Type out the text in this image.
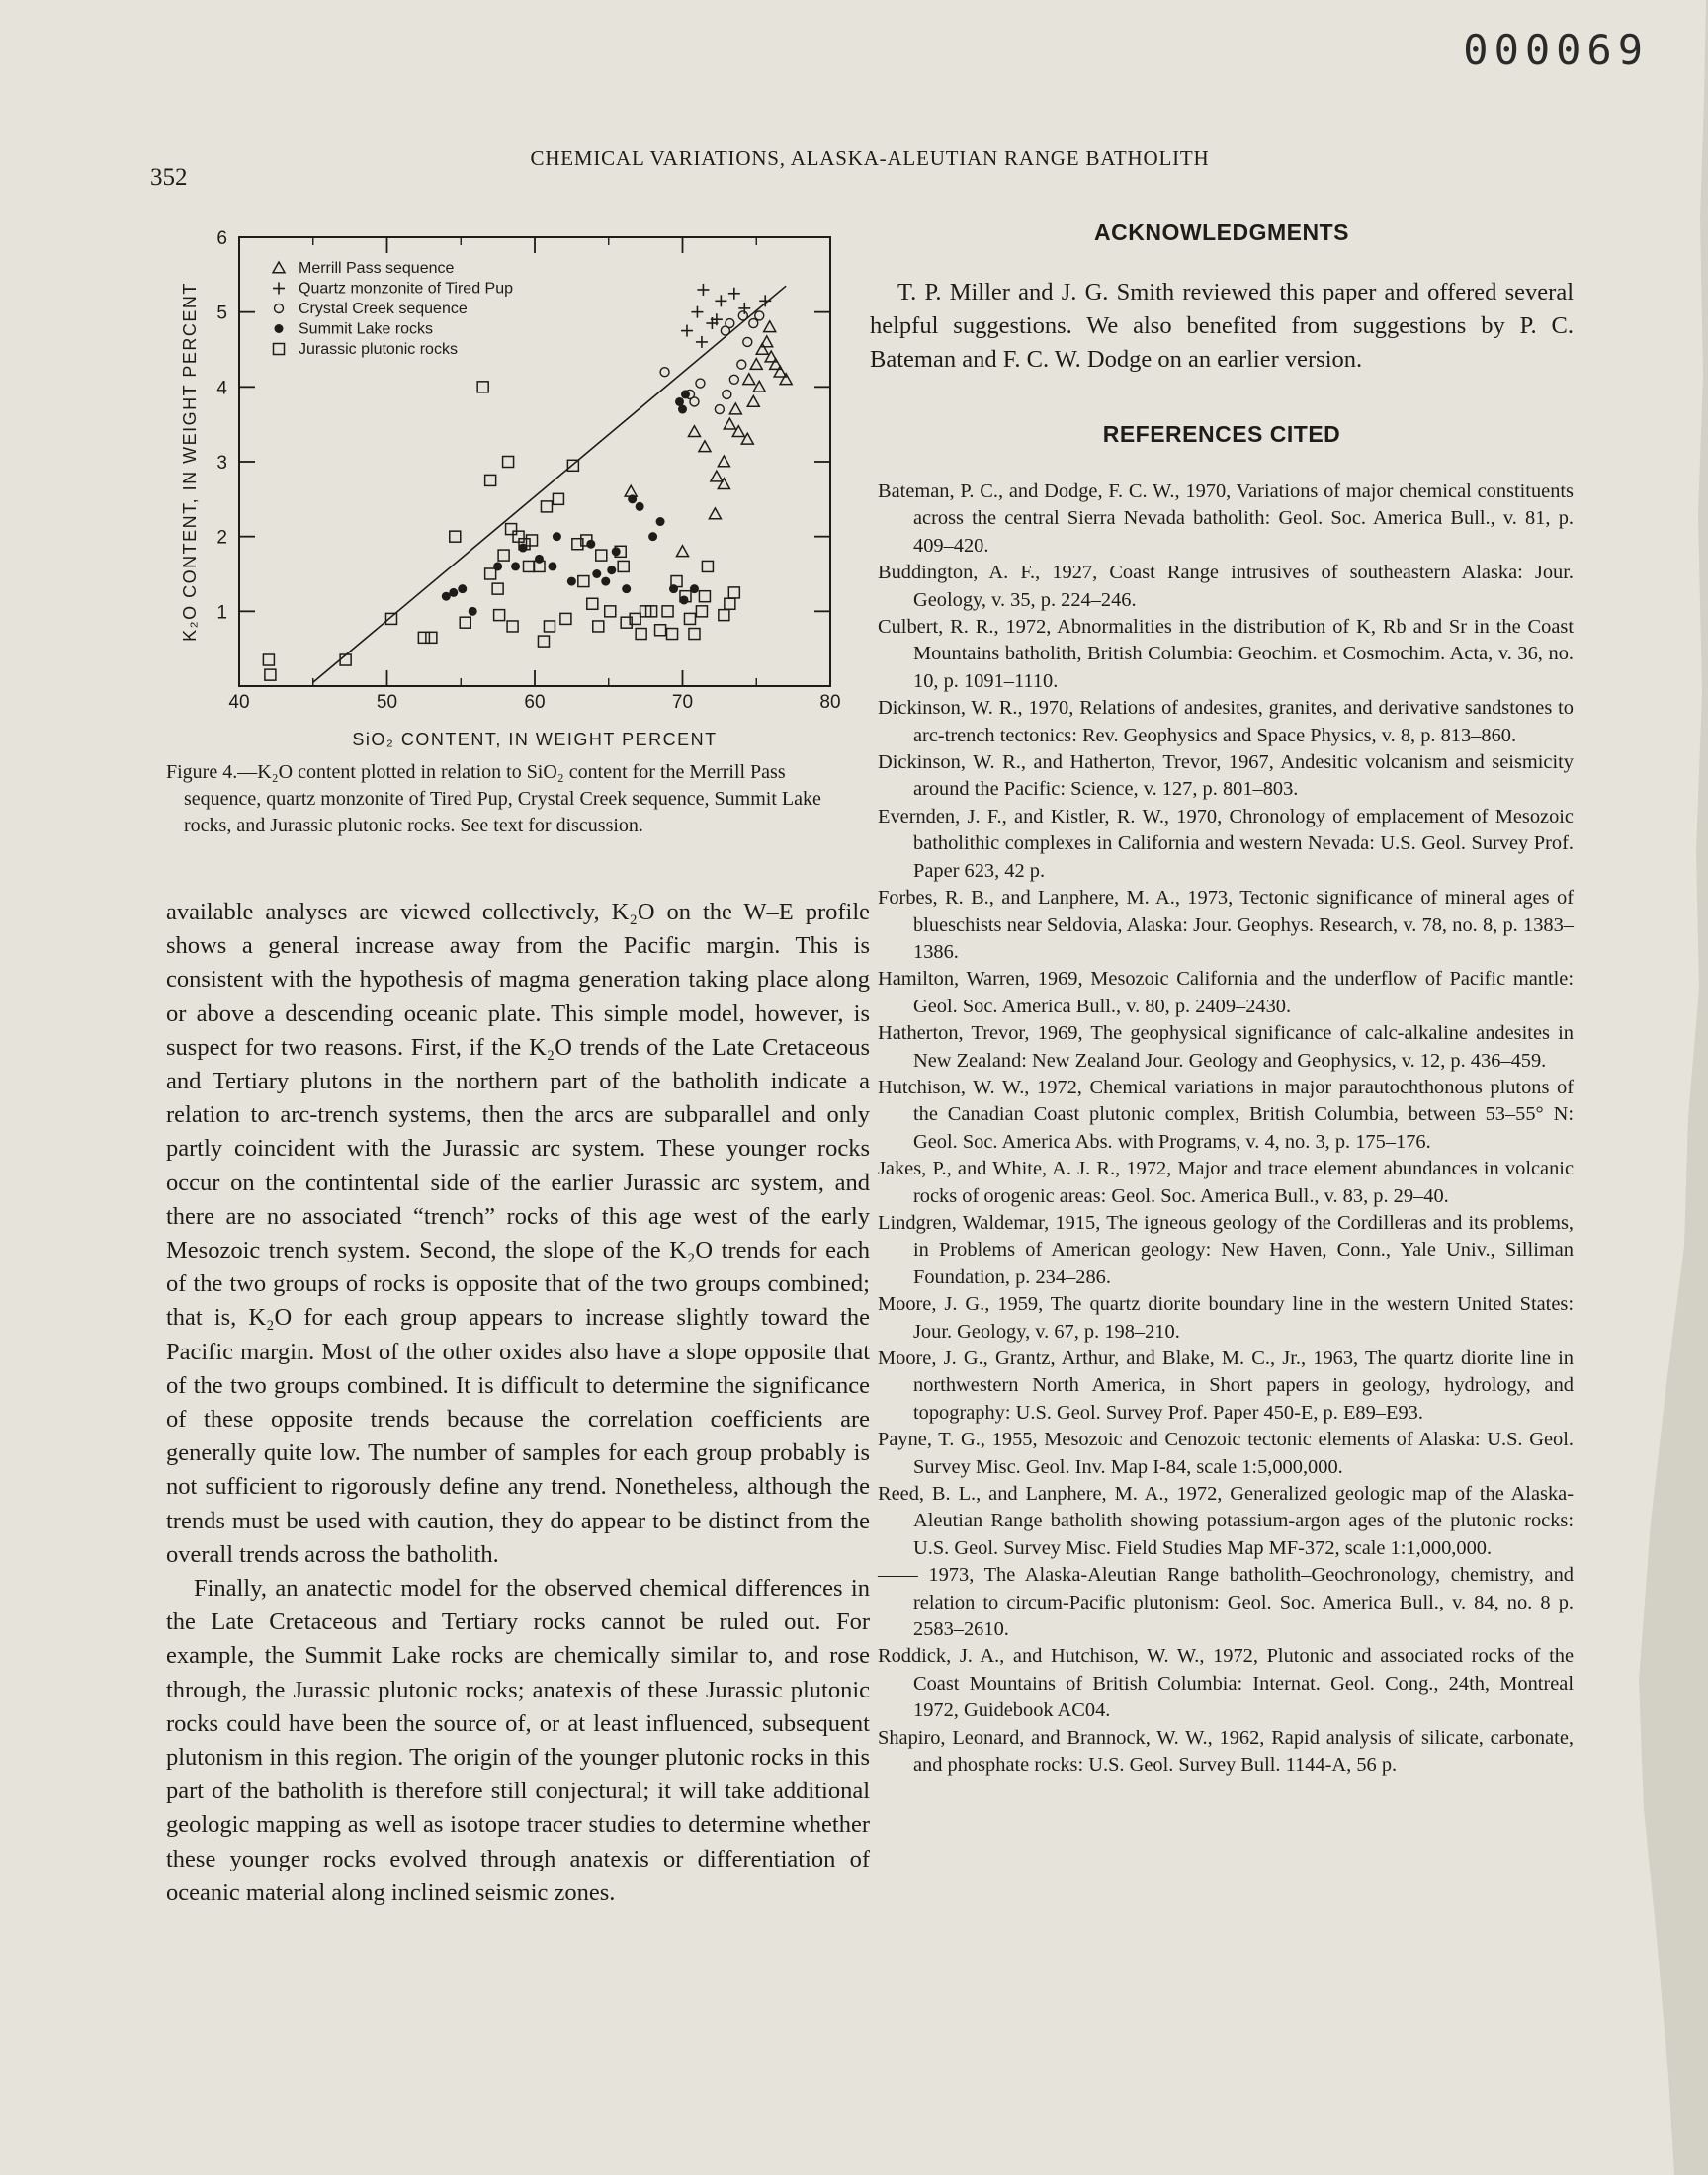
000069
352
CHEMICAL VARIATIONS, ALASKA-ALEUTIAN RANGE BATHOLITH
40	50	60	70	80
1
2
3
4
5
6
SiO₂ CONTENT, IN WEIGHT PERCENT
K₂O CONTENT, IN WEIGHT PERCENT
Merrill Pass sequence
Quartz monzonite of Tired Pup
Crystal Creek sequence
Summit Lake rocks
Jurassic plutonic rocks

Figure 4.—K₂O content plotted in relation to SiO₂ content for the Merrill Pass sequence, quartz monzonite of Tired Pup, Crystal Creek sequence, Summit Lake rocks, and Jurassic plutonic rocks. See text for discussion.

available analyses are viewed collectively, K₂O on the W–E profile shows a general increase away from the Pacific margin. This is consistent with the hypothesis of magma generation taking place along or above a descending oceanic plate. This simple model, however, is suspect for two reasons. First, if the K₂O trends of the Late Cretaceous and Tertiary plutons in the northern part of the batholith indicate a relation to arc-trench systems, then the arcs are subparallel and only partly coincident with the Jurassic arc system. These younger rocks occur on the contintental side of the earlier Jurassic arc system, and there are no associated “trench” rocks of this age west of the early Mesozoic trench system. Second, the slope of the K₂O trends for each of the two groups of rocks is opposite that of the two groups combined; that is, K₂O for each group appears to increase slightly toward the Pacific margin. Most of the other oxides also have a slope opposite that of the two groups combined. It is difficult to determine the significance of these opposite trends because the correlation coefficients are generally quite low. The number of samples for each group probably is not sufficient to rigorously define any trend. Nonetheless, although the trends must be used with caution, they do appear to be distinct from the overall trends across the batholith.

Finally, an anatectic model for the observed chemical differences in the Late Cretaceous and Tertiary rocks cannot be ruled out. For example, the Summit Lake rocks are chemically similar to, and rose through, the Jurassic plutonic rocks; anatexis of these Jurassic plutonic rocks could have been the source of, or at least influenced, subsequent plutonism in this region. The origin of the younger plutonic rocks in this part of the batholith is therefore still conjectural; it will take additional geologic mapping as well as isotope tracer studies to determine whether these younger rocks evolved through anatexis or differentiation of oceanic material along inclined seismic zones.

ACKNOWLEDGMENTS

T. P. Miller and J. G. Smith reviewed this paper and offered several helpful suggestions. We also benefited from suggestions by P. C. Bateman and F. C. W. Dodge on an earlier version.

REFERENCES CITED

Bateman, P. C., and Dodge, F. C. W., 1970, Variations of major chemical constituents across the central Sierra Nevada batholith: Geol. Soc. America Bull., v. 81, p. 409–420.

Buddington, A. F., 1927, Coast Range intrusives of southeastern Alaska: Jour. Geology, v. 35, p. 224–246.

Culbert, R. R., 1972, Abnormalities in the distribution of K, Rb and Sr in the Coast Mountains batholith, British Columbia: Geochim. et Cosmochim. Acta, v. 36, no. 10, p. 1091–1110.

Dickinson, W. R., 1970, Relations of andesites, granites, and derivative sandstones to arc-trench tectonics: Rev. Geophysics and Space Physics, v. 8, p. 813–860.

Dickinson, W. R., and Hatherton, Trevor, 1967, Andesitic volcanism and seismicity around the Pacific: Science, v. 127, p. 801–803.

Evernden, J. F., and Kistler, R. W., 1970, Chronology of emplacement of Mesozoic batholithic complexes in California and western Nevada: U.S. Geol. Survey Prof. Paper 623, 42 p.

Forbes, R. B., and Lanphere, M. A., 1973, Tectonic significance of mineral ages of blueschists near Seldovia, Alaska: Jour. Geophys. Research, v. 78, no. 8, p. 1383–1386.

Hamilton, Warren, 1969, Mesozoic California and the underflow of Pacific mantle: Geol. Soc. America Bull., v. 80, p. 2409–2430.

Hatherton, Trevor, 1969, The geophysical significance of calc-alkaline andesites in New Zealand: New Zealand Jour. Geology and Geophysics, v. 12, p. 436–459.

Hutchison, W. W., 1972, Chemical variations in major parautochthonous plutons of the Canadian Coast plutonic complex, British Columbia, between 53–55° N: Geol. Soc. America Abs. with Programs, v. 4, no. 3, p. 175–176.

Jakes, P., and White, A. J. R., 1972, Major and trace element abundances in volcanic rocks of orogenic areas: Geol. Soc. America Bull., v. 83, p. 29–40.

Lindgren, Waldemar, 1915, The igneous geology of the Cordilleras and its problems, in Problems of American geology: New Haven, Conn., Yale Univ., Silliman Foundation, p. 234–286.

Moore, J. G., 1959, The quartz diorite boundary line in the western United States: Jour. Geology, v. 67, p. 198–210.

Moore, J. G., Grantz, Arthur, and Blake, M. C., Jr., 1963, The quartz diorite line in northwestern North America, in Short papers in geology, hydrology, and topography: U.S. Geol. Survey Prof. Paper 450-E, p. E89–E93.

Payne, T. G., 1955, Mesozoic and Cenozoic tectonic elements of Alaska: U.S. Geol. Survey Misc. Geol. Inv. Map I-84, scale 1:5,000,000.

Reed, B. L., and Lanphere, M. A., 1972, Generalized geologic map of the Alaska-Aleutian Range batholith showing potassium-argon ages of the plutonic rocks: U.S. Geol. Survey Misc. Field Studies Map MF-372, scale 1:1,000,000.

—— 1973, The Alaska-Aleutian Range batholith–Geochronology, chemistry, and relation to circum-Pacific plutonism: Geol. Soc. America Bull., v. 84, no. 8 p. 2583–2610.

Roddick, J. A., and Hutchison, W. W., 1972, Plutonic and associated rocks of the Coast Mountains of British Columbia: Internat. Geol. Cong., 24th, Montreal 1972, Guidebook AC04.

Shapiro, Leonard, and Brannock, W. W., 1962, Rapid analysis of silicate, carbonate, and phosphate rocks: U.S. Geol. Survey Bull. 1144-A, 56 p.
